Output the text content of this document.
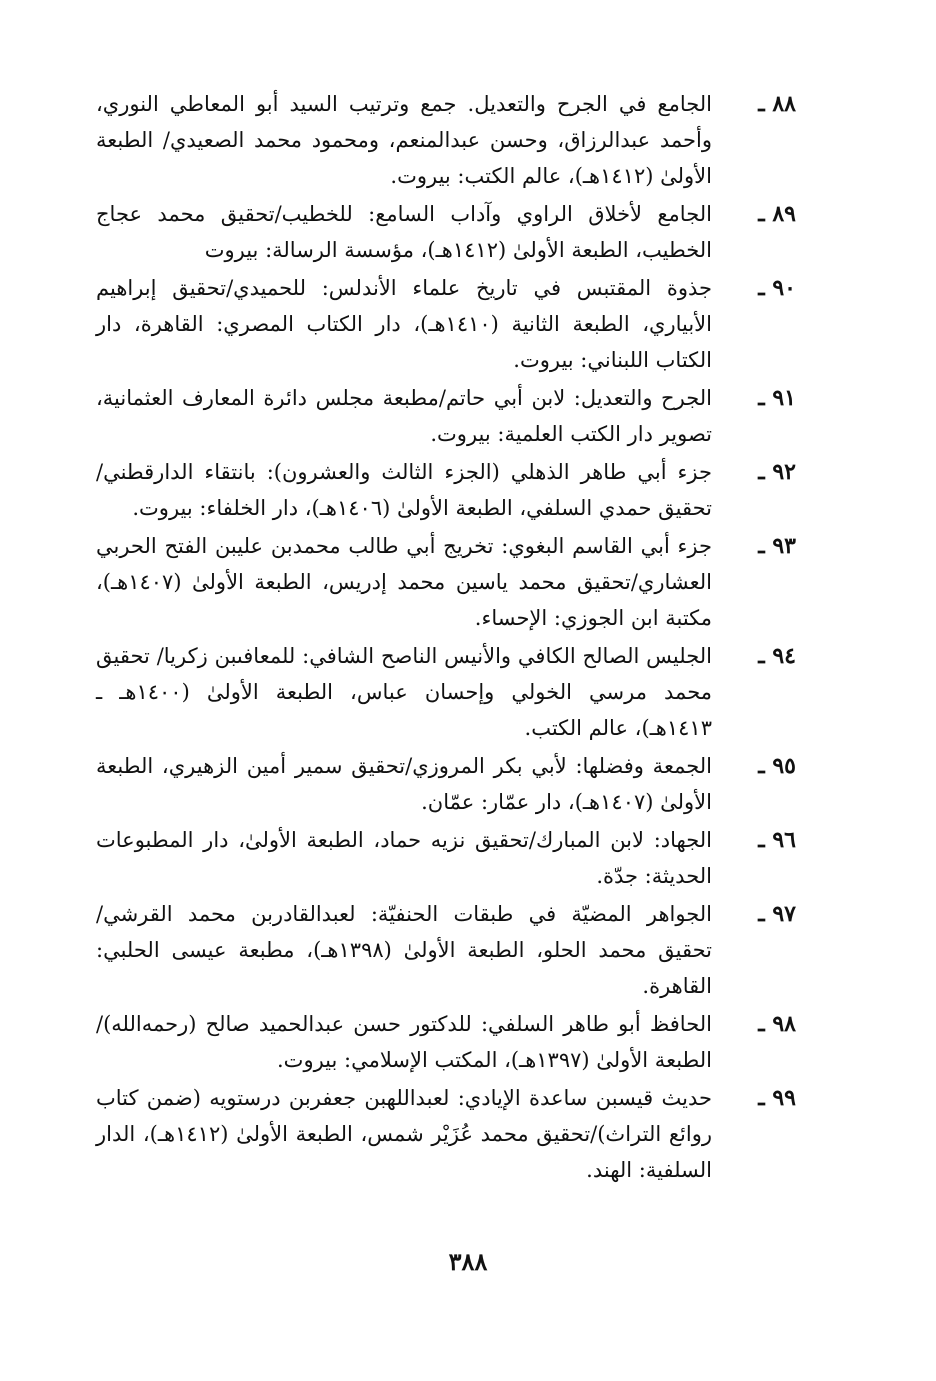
٨٨ ـ
الجامع في الجرح والتعديل. جمع وترتيب السيد أبو المعاطي النوري، وأحمد عبدالرزاق، وحسن عبدالمنعم، ومحمود محمد الصعيدي/ الطبعة الأولىٰ (١٤١٢هـ)، عالم الكتب: بيروت.
٨٩ ـ
الجامع لأخلاق الراوي وآداب السامع: للخطيب/تحقيق محمد عجاج الخطيب، الطبعة الأولىٰ (١٤١٢هـ)، مؤسسة الرسالة: بيروت
٩٠ ـ
جذوة المقتبس في تاريخ علماء الأندلس: للحميدي/تحقيق إبراهيم الأبياري، الطبعة الثانية (١٤١٠هـ)، دار الكتاب المصري: القاهرة، دار الكتاب اللبناني: بيروت.
٩١ ـ
الجرح والتعديل: لابن أبي حاتم/مطبعة مجلس دائرة المعارف العثمانية، تصوير دار الكتب العلمية: بيروت.
٩٢ ـ
جزء أبي طاهر الذهلي (الجزء الثالث والعشرون): بانتقاء الدارقطني/تحقيق حمدي السلفي، الطبعة الأولىٰ (١٤٠٦هـ)، دار الخلفاء: بيروت.
٩٣ ـ
جزء أبي القاسم البغوي: تخريج أبي طالب محمدبن عليبن الفتح الحربي العشاري/تحقيق محمد ياسين محمد إدريس، الطبعة الأولىٰ (١٤٠٧هـ)، مكتبة ابن الجوزي: الإحساء.
٩٤ ـ
الجليس الصالح الكافي والأنيس الناصح الشافي: للمعافىبن زكريا/ تحقيق محمد مرسي الخولي وإحسان عباس، الطبعة الأولىٰ (١٤٠٠هـ ـ ١٤١٣هـ)، عالم الكتب.
٩٥ ـ
الجمعة وفضلها: لأبي بكر المروزي/تحقيق سمير أمين الزهيري، الطبعة الأولىٰ (١٤٠٧هـ)، دار عمّار: عمّان.
٩٦ ـ
الجهاد: لابن المبارك/تحقيق نزيه حماد، الطبعة الأولىٰ، دار المطبوعات الحديثة: جدّة.
٩٧ ـ
الجواهر المضيّة في طبقات الحنفيّة: لعبدالقادربن محمد القرشي/ تحقيق محمد الحلو، الطبعة الأولىٰ (١٣٩٨هـ)، مطبعة عيسى الحلبي: القاهرة.
٩٨ ـ
الحافظ أبو طاهر السلفي: للدكتور حسن عبدالحميد صالح (رحمه‌الله)/ الطبعة الأولىٰ (١٣٩٧هـ)، المكتب الإسلامي: بيروت.
٩٩ ـ
حديث قيسبن ساعدة الإيادي: لعبداللهبن جعفربن درستويه (ضمن كتاب روائع التراث)/تحقيق محمد عُزَيْر شمس، الطبعة الأولىٰ (١٤١٢هـ)، الدار السلفية: الهند.
٣٨٨
